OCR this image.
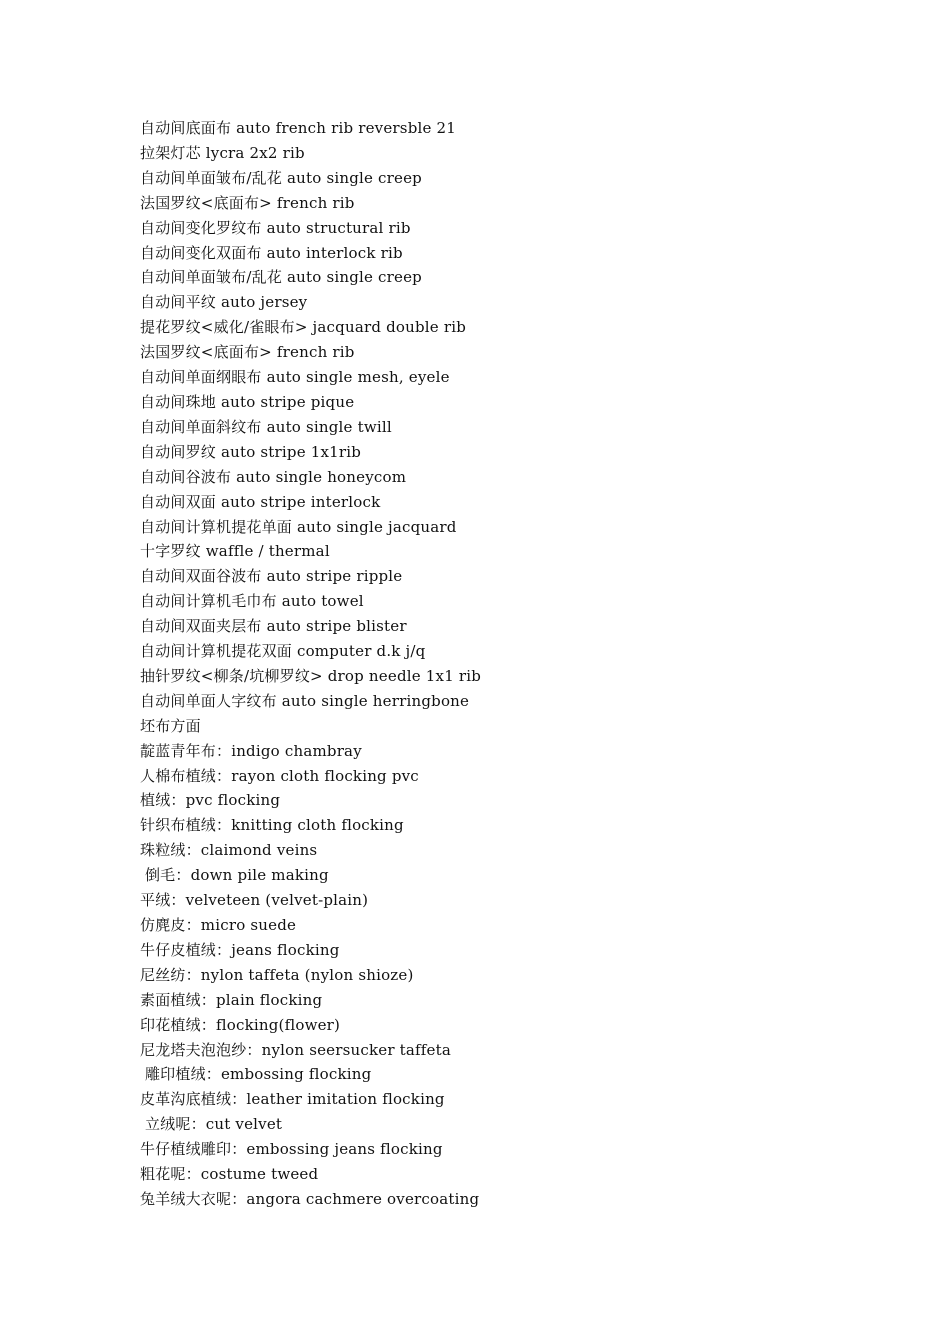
自动间底面布 auto french rib reversble 21
拉架灯芯 lycra 2x2 rib
自动间单面皱布/乱花 auto single creep
法国罗纹<底面布> french rib
自动间变化罗纹布 auto structural rib
自动间变化双面布 auto interlock rib
自动间单面皱布/乱花 auto single creep
自动间平纹 auto jersey
提花罗纹<威化/雀眼布> jacquard double rib
法国罗纹<底面布> french rib
自动间单面纲眼布 auto single mesh, eyele
自动间珠地 auto stripe pique
自动间单面斜纹布 auto single twill
自动间罗纹 auto stripe 1x1rib
自动间谷波布 auto single honeycom
自动间双面 auto stripe interlock
自动间计算机提花单面 auto single jacquard
十字罗纹 waffle / thermal
自动间双面谷波布 auto stripe ripple
自动间计算机毛巾布 auto towel
自动间双面夹层布 auto stripe blister
自动间计算机提花双面 computer d.k j/q
抽针罗纹<柳条/坑柳罗纹> drop needle 1x1 rib
自动间单面人字纹布 auto single herringbone
坯布方面
靛蓝青年布：indigo chambray
人棉布植绒：rayon cloth flocking pvc
植绒：pvc flocking
针织布植绒：knitting cloth flocking
珠粒绒：claimond veins
倒毛：down pile making
平绒：velveteen (velvet-plain)
仿麂皮：micro suede
牛仔皮植绒：jeans flocking
尼丝纺：nylon taffeta (nylon shioze)
素面植绒：plain flocking
印花植绒：flocking(flower)
尼龙塔夫泡泡纱：nylon seersucker taffeta
雕印植绒：embossing flocking
皮革沟底植绒：leather imitation flocking
立绒呢：cut velvet
牛仔植绒雕印：embossing jeans flocking
粗花呢：costume tweed
兔羊绒大衣呢：angora cachmere overcoating
